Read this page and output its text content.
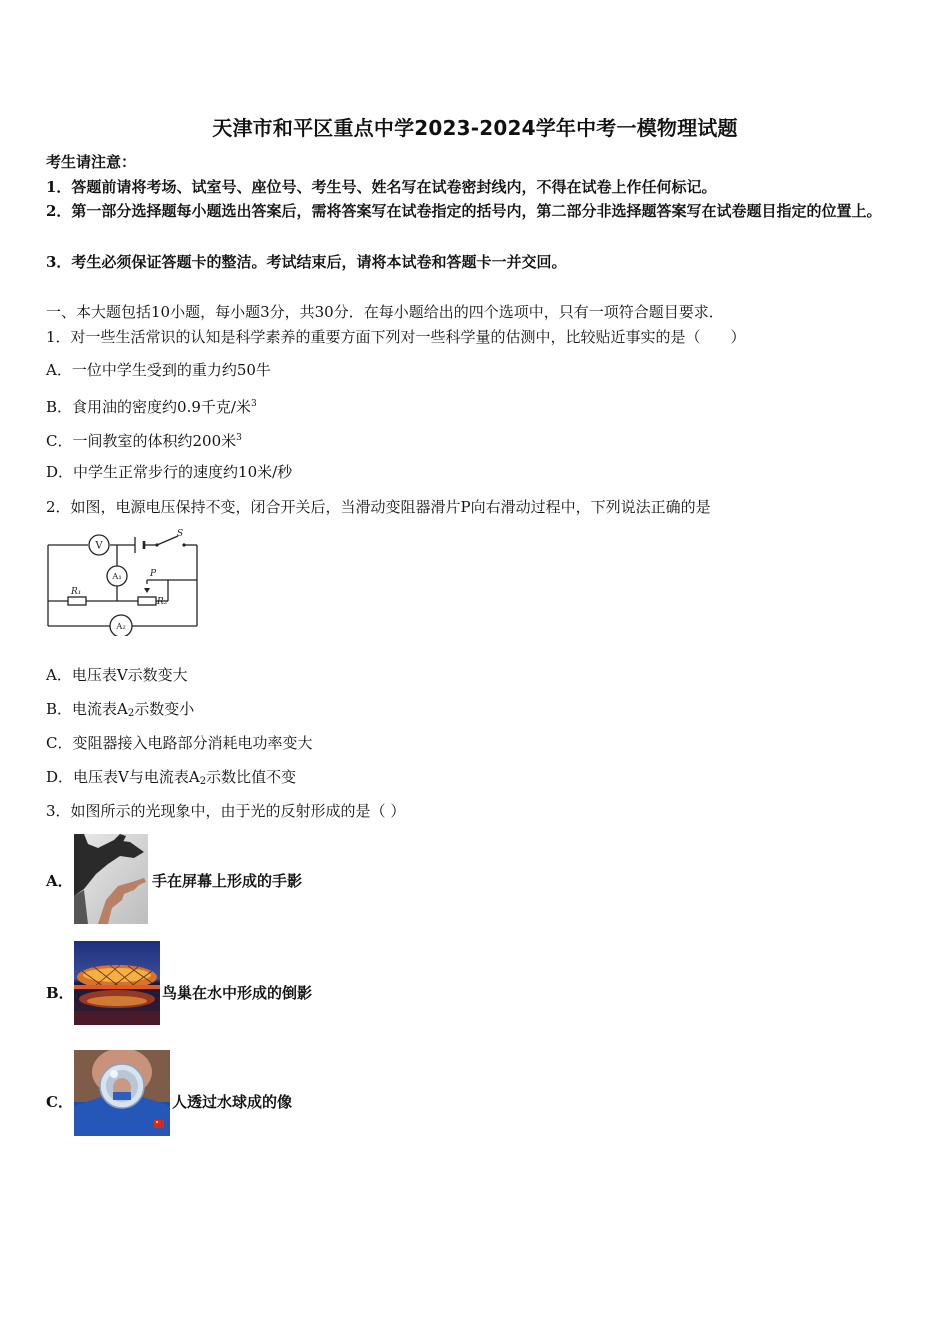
天津市和平区重点中学2023-2024学年中考一模物理试题
考生请注意：
1．答题前请将考场、试室号、座位号、考生号、姓名写在试卷密封线内，不得在试卷上作任何标记。
2．第一部分选择题每小题选出答案后，需将答案写在试卷指定的括号内，第二部分非选择题答案写在试卷题目指定的位置上。
3．考生必须保证答题卡的整洁。考试结束后，请将本试卷和答题卡一并交回。
一、本大题包括10小题，每小题3分，共30分．在每小题给出的四个选项中，只有一项符合题目要求．
1．对一些生活常识的认知是科学素养的重要方面下列对一些科学量的估测中，比较贴近事实的是（　　）
A．一位中学生受到的重力约50牛
B．食用油的密度约0.9千克/米$^3$
C．一间教室的体积约200米$^3$
D．中学生正常步行的速度约10米/秒
2．如图，电源电压保持不变，闭合开关后，当滑动变阻器滑片P向右滑动过程中，下列说法正确的是
V
A₁
A₂
S
P
R₁
R₂
A．电压表V示数变大
B．电流表$A_2$示数变小
C．变阻器接入电路部分消耗电功率变大
D．电压表V与电流表$A_2$示数比值不变
3．如图所示的光现象中，由于光的反射形成的是（ ）
A．	手在屏幕上形成的手影
B．	鸟巢在水中形成的倒影
C．	人透过水球成的像
